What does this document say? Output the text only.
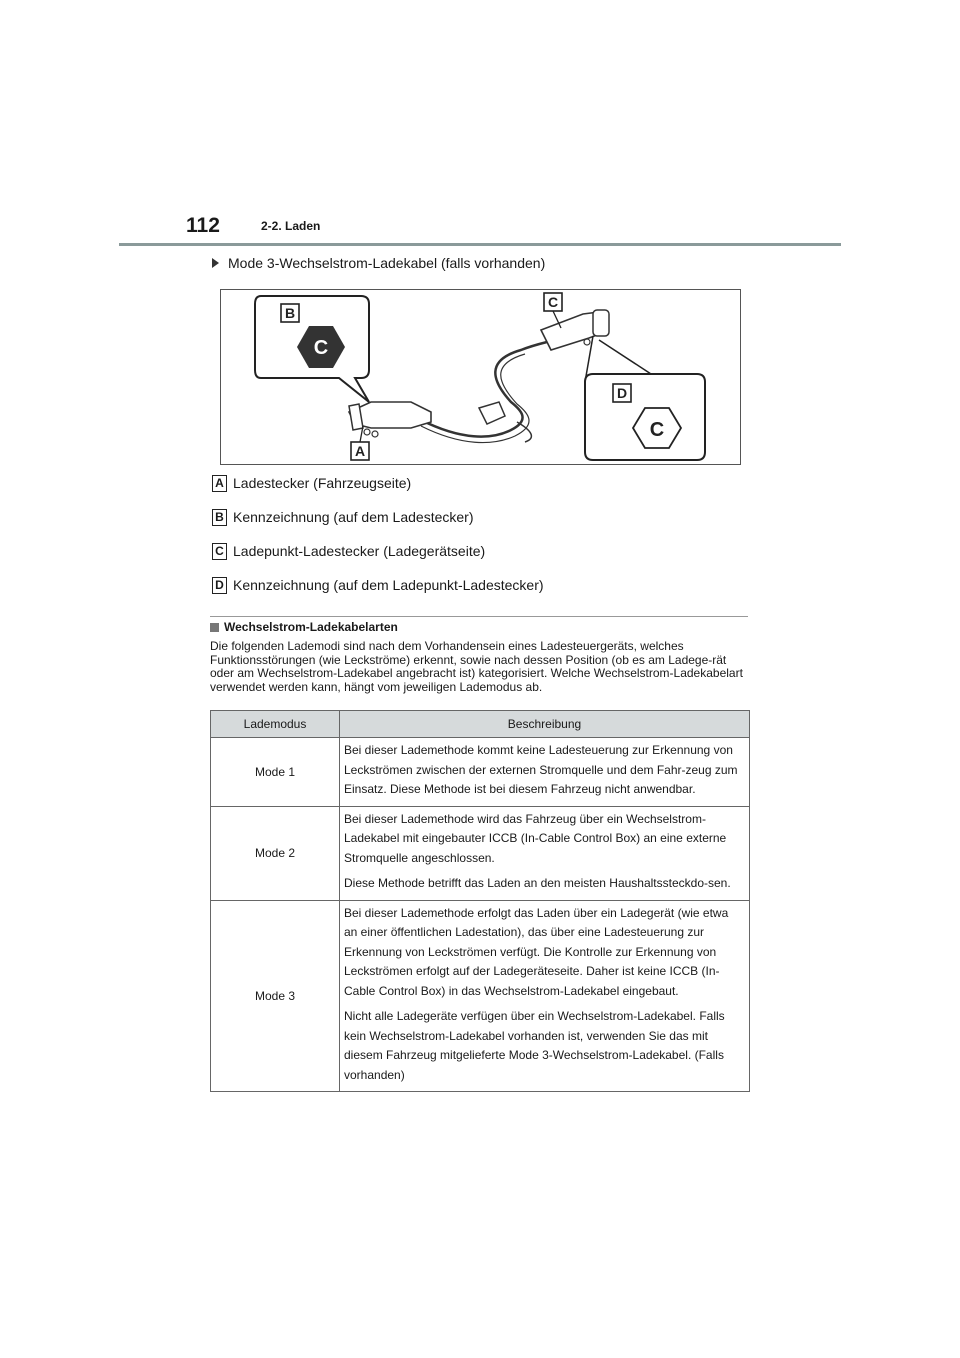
112	2-2. Laden
Mode 3-Wechselstrom-Ladekabel (falls vorhanden)
C
C
B
C
D
A
A Ladestecker (Fahrzeugseite)
B Kennzeichnung (auf dem Ladestecker)
C Ladepunkt-Ladestecker (Ladegerätseite)
D Kennzeichnung (auf dem Ladepunkt-Ladestecker)
Wechselstrom-Ladekabelarten
Die folgenden Lademodi sind nach dem Vorhandensein eines Ladesteuergeräts, welches Funktionsstörungen (wie Leckströme) erkennt, sowie nach dessen Position (ob es am Ladege-rät oder am Wechselstrom-Ladekabel angebracht ist) kategorisiert. Welche Wechselstrom-Ladekabelart verwendet werden kann, hängt vom jeweiligen Lademodus ab.
Lademodus	Beschreibung
Mode 1	Bei dieser Lademethode kommt keine Ladesteuerung zur Erkennung von Leckströmen zwischen der externen Stromquelle und dem Fahr-zeug zum Einsatz. Diese Methode ist bei diesem Fahrzeug nicht anwendbar.

Mode 2	Bei dieser Lademethode wird das Fahrzeug über ein Wechselstrom-Ladekabel mit eingebauter ICCB (In-Cable Control Box) an eine externe Stromquelle angeschlossen.

Diese Methode betrifft das Laden an den meisten Haushaltssteckdo-sen.

Mode 3	Bei dieser Lademethode erfolgt das Laden über ein Ladegerät (wie etwa an einer öffentlichen Ladestation), das über eine Ladesteuerung zur Erkennung von Leckströmen verfügt. Die Kontrolle zur Erkennung von Leckströmen erfolgt auf der Ladegeräteseite. Daher ist keine ICCB (In-Cable Control Box) in das Wechselstrom-Ladekabel eingebaut.

Nicht alle Ladegeräte verfügen über ein Wechselstrom-Ladekabel. Falls kein Wechselstrom-Ladekabel vorhanden ist, verwenden Sie das mit diesem Fahrzeug mitgelieferte Mode 3-Wechselstrom-Ladekabel. (Falls vorhanden)
